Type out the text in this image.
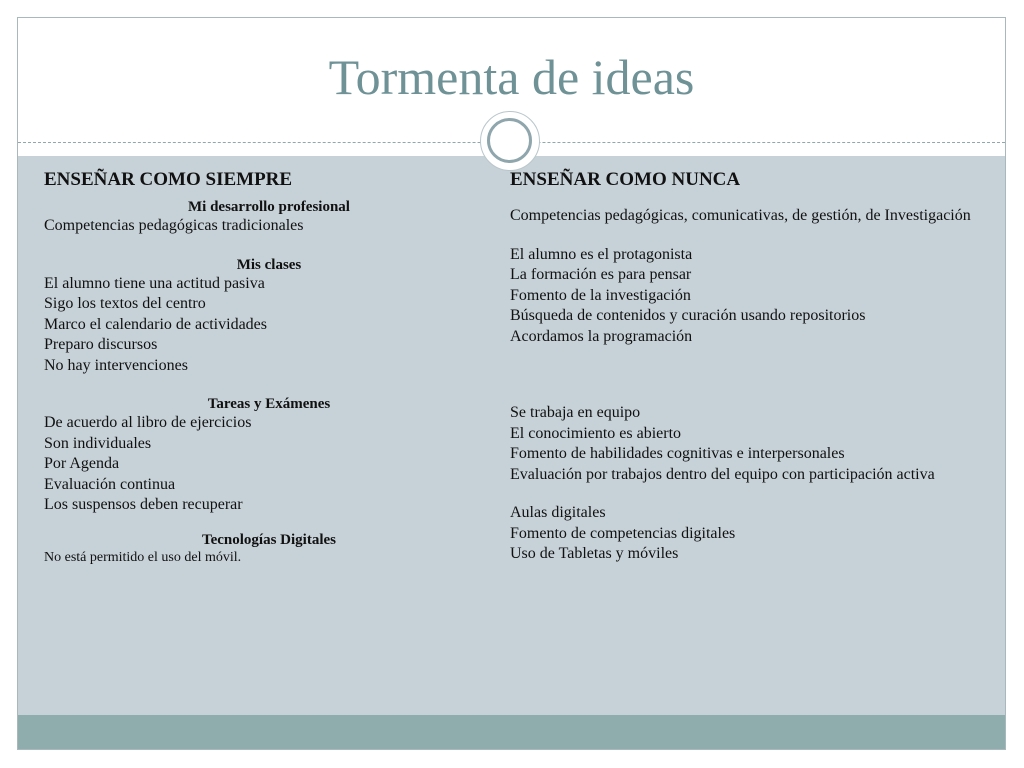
Tormenta de ideas
ENSEÑAR COMO SIEMPRE
Mi desarrollo profesional
Competencias pedagógicas tradicionales
Mis clases
El alumno tiene una actitud pasiva
Sigo los textos del centro
Marco el calendario de actividades
Preparo discursos
No hay intervenciones
Tareas y Exámenes
De acuerdo al libro de ejercicios
Son individuales
Por Agenda
Evaluación continua
Los suspensos deben recuperar
Tecnologías Digitales
No está permitido el uso del móvil.
ENSEÑAR COMO NUNCA
Competencias pedagógicas, comunicativas, de gestión, de Investigación
El alumno es el protagonista
La formación es para pensar
Fomento de la investigación
Búsqueda de contenidos y curación usando repositorios
Acordamos la programación
Se trabaja en equipo
El conocimiento es abierto
Fomento de habilidades cognitivas e interpersonales
Evaluación por trabajos dentro del equipo con participación activa
Aulas digitales
Fomento de competencias digitales
Uso de Tabletas y móviles
